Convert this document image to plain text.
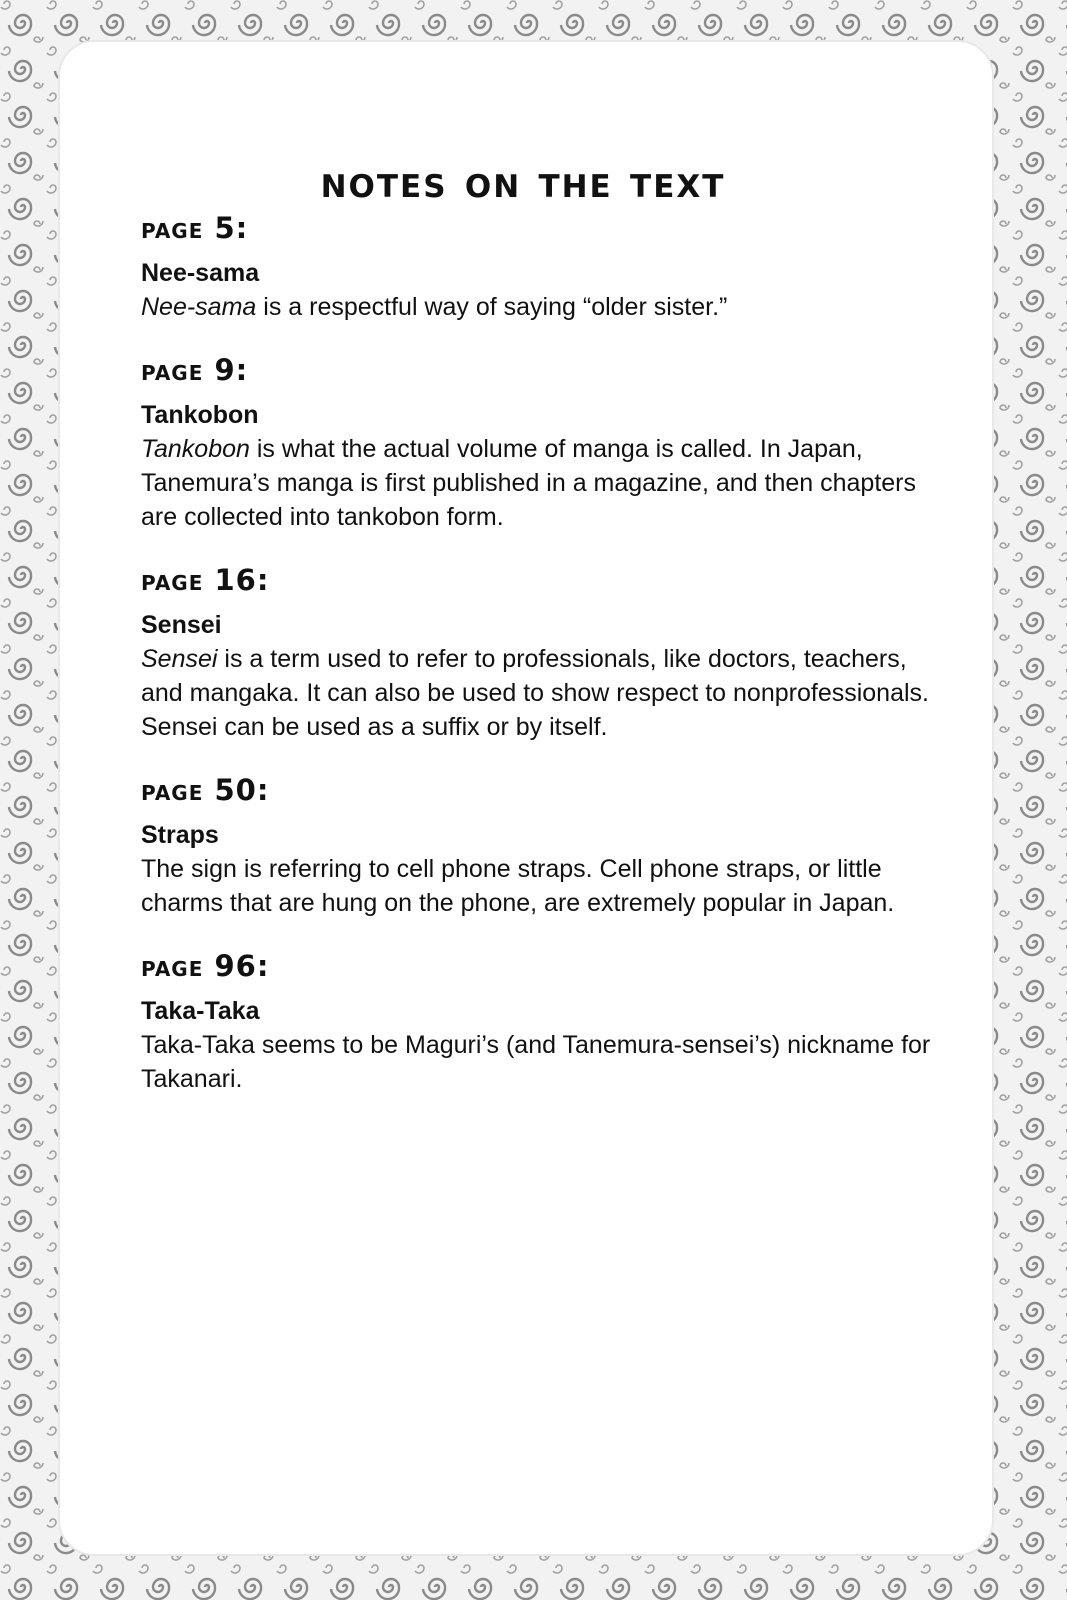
notes on the text
page 5:
Nee-sama
Nee-sama is a respectful way of saying “older sister.”
page 9:
Tankobon
Tankobon is what the actual volume of manga is called. In Japan, Tanemura’s manga is first published in a magazine, and then chapters are collected into tankobon form.
page 16:
Sensei
Sensei is a term used to refer to professionals, like doctors, teachers, and mangaka. It can also be used to show respect to nonprofessionals. Sensei can be used as a suffix or by itself.
page 50:
Straps
The sign is referring to cell phone straps. Cell phone straps, or little charms that are hung on the phone, are extremely popular in Japan.
page 96:
Taka-Taka
Taka-Taka seems to be Maguri’s (and Tanemura-sensei’s) nickname for Takanari.
